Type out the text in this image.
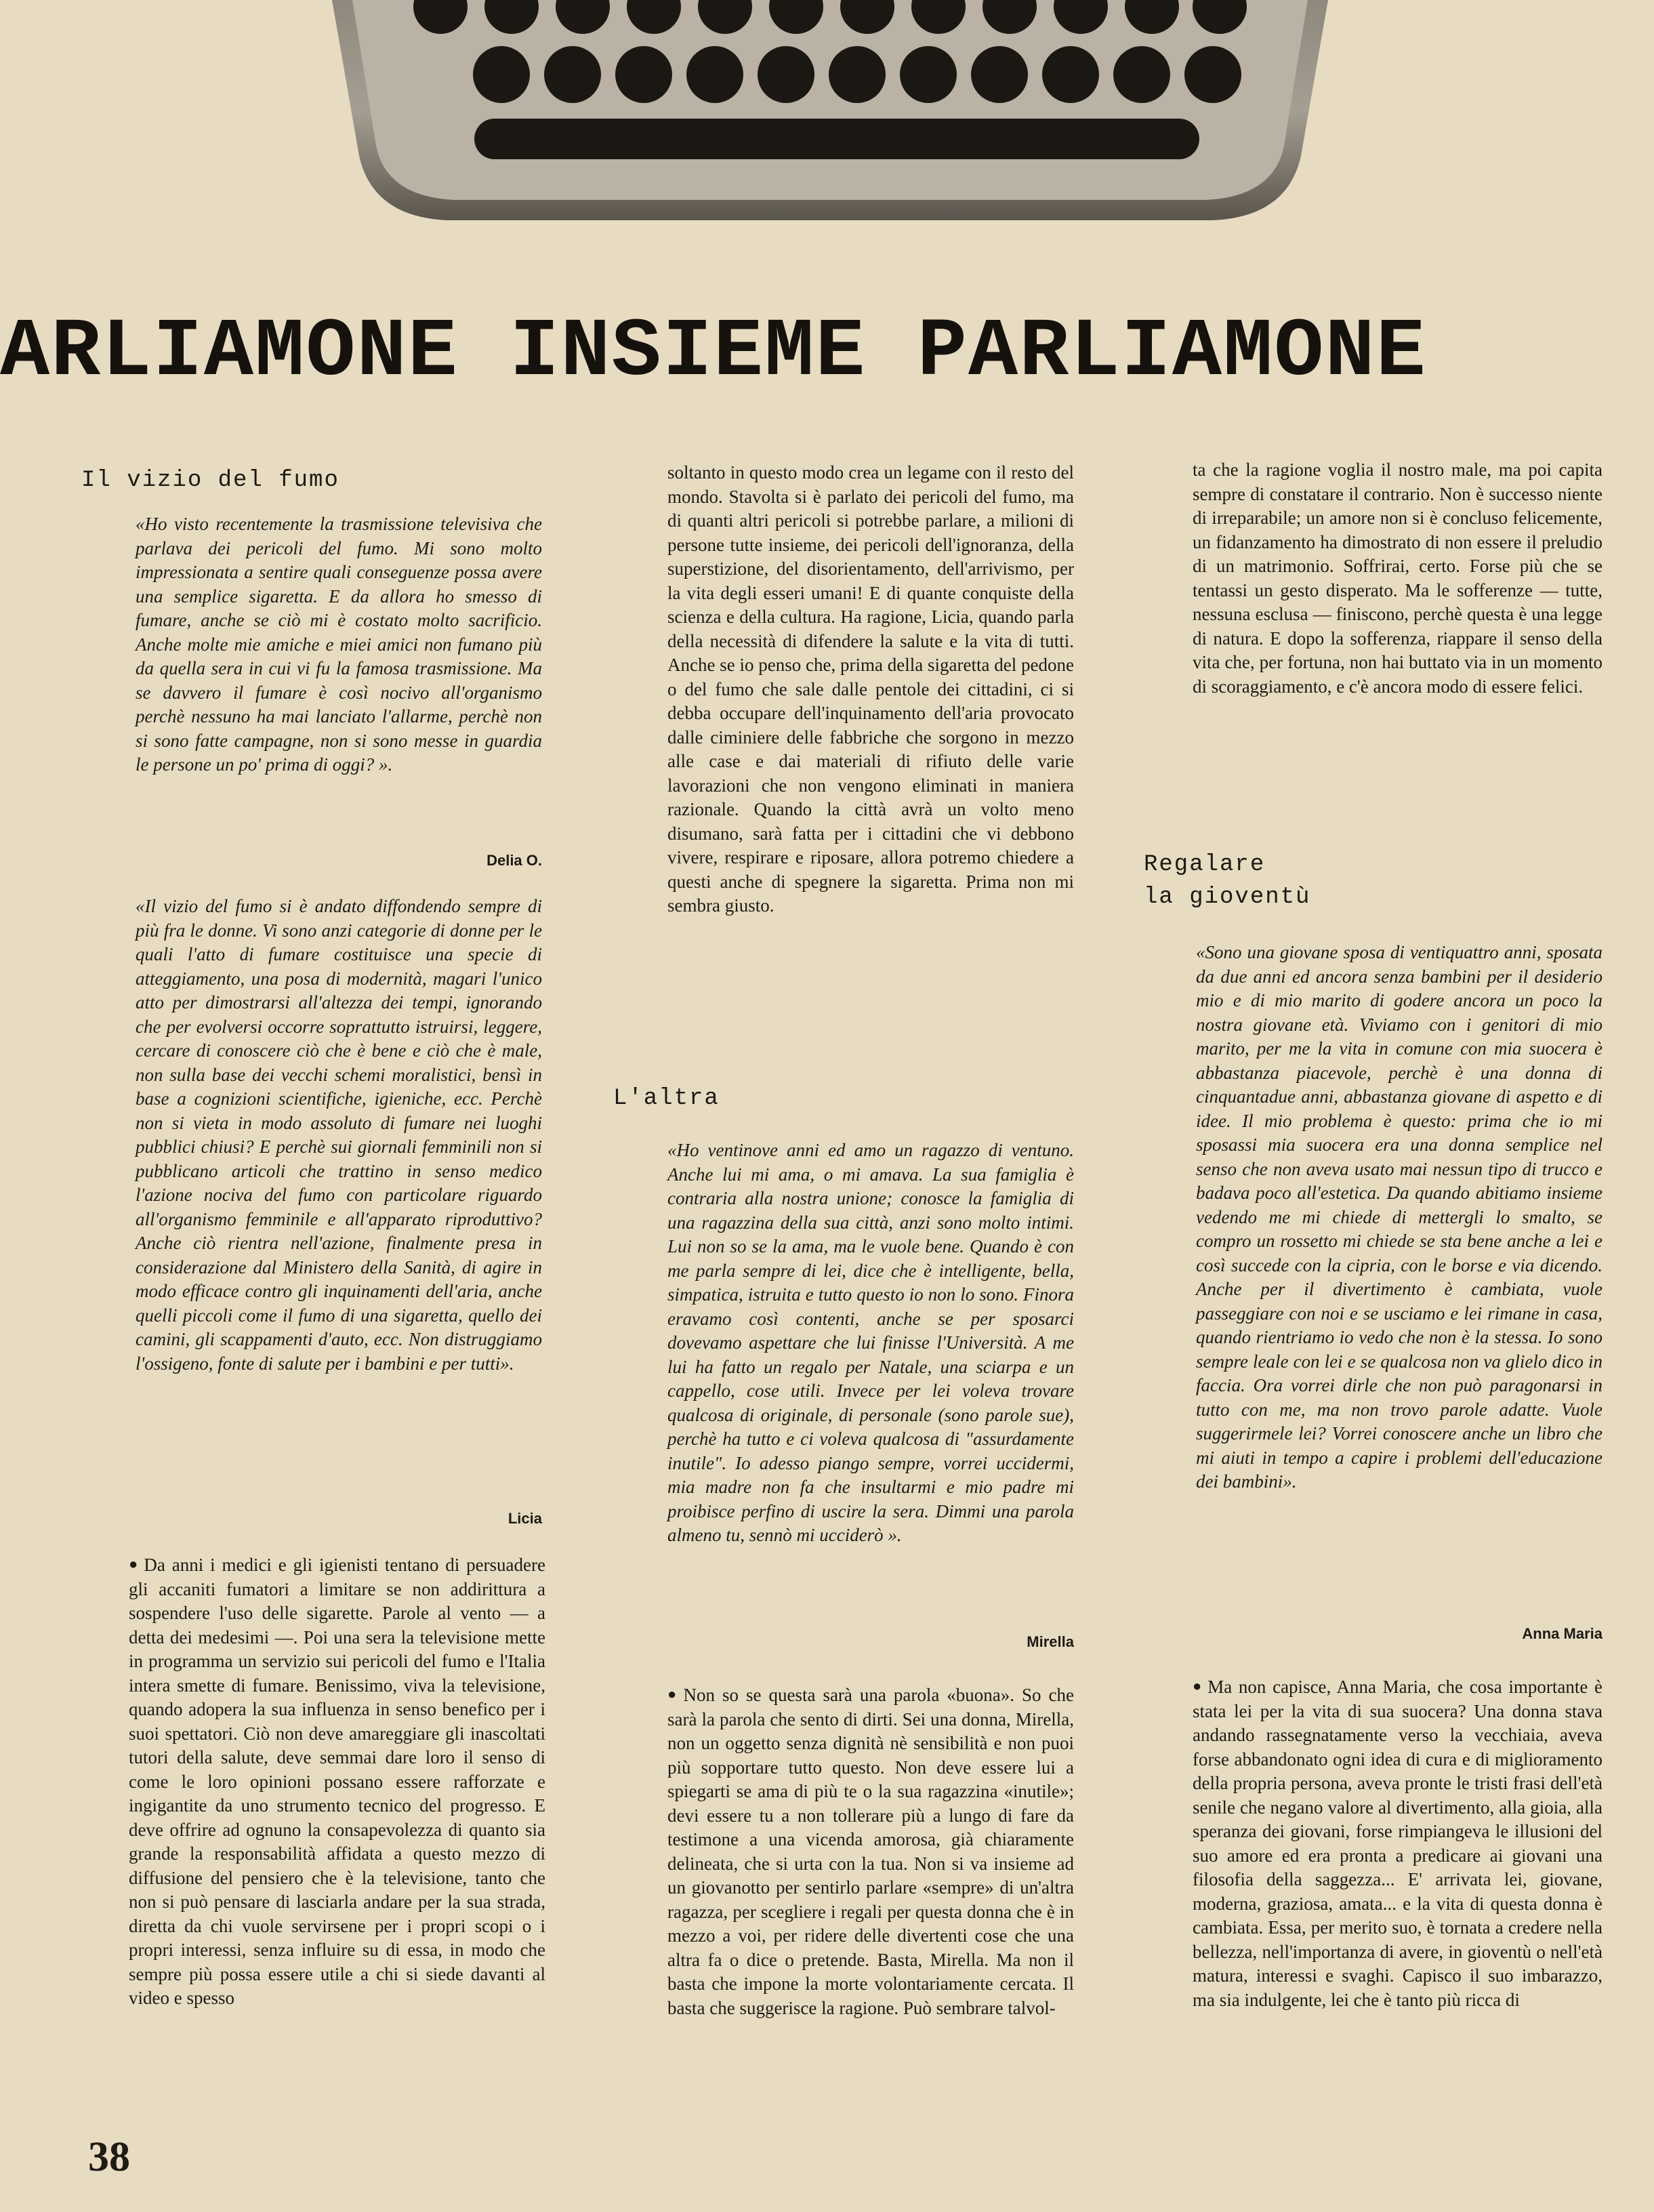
ARLIAMONE INSIEME PARLIAMONE
Il vizio del fumo

«Ho visto recentemente la trasmissione televisiva che parlava dei pericoli del fumo. Mi sono molto impressionata a sentire quali conseguenze possa avere una semplice sigaretta. E da allora ho smesso di fumare, anche se ciò mi è costato molto sacrificio. Anche molte mie amiche e miei amici non fumano più da quella sera in cui vi fu la famosa trasmissione. Ma se davvero il fumare è così nocivo all'organismo perchè nessuno ha mai lanciato l'allarme, perchè non si sono fatte campagne, non si sono messe in guardia le persone un po' prima di oggi? ».

Delia O.

«Il vizio del fumo si è andato diffondendo sempre di più fra le donne. Vi sono anzi categorie di donne per le quali l'atto di fumare costituisce una specie di atteggiamento, una posa di modernità, magari l'unico atto per dimostrarsi all'altezza dei tempi, ignorando che per evolversi occorre soprattutto istruirsi, leggere, cercare di conoscere ciò che è bene e ciò che è male, non sulla base dei vecchi schemi moralistici, bensì in base a cognizioni scientifiche, igieniche, ecc. Perchè non si vieta in modo assoluto di fumare nei luoghi pubblici chiusi? E perchè sui giornali femminili non si pubblicano articoli che trattino in senso medico l'azione nociva del fumo con particolare riguardo all'organismo femminile e all'apparato riproduttivo? Anche ciò rientra nell'azione, finalmente presa in considerazione dal Ministero della Sanità, di agire in modo efficace contro gli inquinamenti dell'aria, anche quelli piccoli come il fumo di una sigaretta, quello dei camini, gli scappamenti d'auto, ecc. Non distruggiamo l'ossigeno, fonte di salute per i bambini e per tutti».

Licia

● Da anni i medici e gli igienisti tentano di persuadere gli accaniti fumatori a limitare se non addirittura a sospendere l'uso delle sigarette. Parole al vento — a detta dei medesimi —. Poi una sera la televisione mette in programma un servizio sui pericoli del fumo e l'Italia intera smette di fumare. Benissimo, viva la televisione, quando adopera la sua influenza in senso benefico per i suoi spettatori. Ciò non deve amareggiare gli inascoltati tutori della salute, deve semmai dare loro il senso di come le loro opinioni possano essere rafforzate e ingigantite da uno strumento tecnico del progresso. E deve offrire ad ognuno la consapevolezza di quanto sia grande la responsabilità affidata a questo mezzo di diffusione del pensiero che è la televisione, tanto che non si può pensare di lasciarla andare per la sua strada, diretta da chi vuole servirsene per i propri scopi o i propri interessi, senza influire su di essa, in modo che sempre più possa essere utile a chi si siede davanti al video e spesso

soltanto in questo modo crea un legame con il resto del mondo. Stavolta si è parlato dei pericoli del fumo, ma di quanti altri pericoli si potrebbe parlare, a milioni di persone tutte insieme, dei pericoli dell'ignoranza, della superstizione, del disorientamento, dell'arrivismo, per la vita degli esseri umani! E di quante conquiste della scienza e della cultura. Ha ragione, Licia, quando parla della necessità di difendere la salute e la vita di tutti. Anche se io penso che, prima della sigaretta del pedone o del fumo che sale dalle pentole dei cittadini, ci si debba occupare dell'inquinamento dell'aria provocato dalle ciminiere delle fabbriche che sorgono in mezzo alle case e dai materiali di rifiuto delle varie lavorazioni che non vengono eliminati in maniera razionale. Quando la città avrà un volto meno disumano, sarà fatta per i cittadini che vi debbono vivere, respirare e riposare, allora potremo chiedere a questi anche di spegnere la sigaretta. Prima non mi sembra giusto.

L'altra

«Ho ventinove anni ed amo un ragazzo di ventuno. Anche lui mi ama, o mi amava. La sua famiglia è contraria alla nostra unione; conosce la famiglia di una ragazzina della sua città, anzi sono molto intimi. Lui non so se la ama, ma le vuole bene. Quando è con me parla sempre di lei, dice che è intelligente, bella, simpatica, istruita e tutto questo io non lo sono. Finora eravamo così contenti, anche se per sposarci dovevamo aspettare che lui finisse l'Università. A me lui ha fatto un regalo per Natale, una sciarpa e un cappello, cose utili. Invece per lei voleva trovare qualcosa di originale, di personale (sono parole sue), perchè ha tutto e ci voleva qualcosa di "assurdamente inutile". Io adesso piango sempre, vorrei uccidermi, mia madre non fa che insultarmi e mio padre mi proibisce perfino di uscire la sera. Dimmi una parola almeno tu, sennò mi ucciderò ».

Mirella

● Non so se questa sarà una parola «buona». So che sarà la parola che sento di dirti. Sei una donna, Mirella, non un oggetto senza dignità nè sensibilità e non puoi più sopportare tutto questo. Non deve essere lui a spiegarti se ama di più te o la sua ragazzina «inutile»; devi essere tu a non tollerare più a lungo di fare da testimone a una vicenda amorosa, già chiaramente delineata, che si urta con la tua. Non si va insieme ad un giovanotto per sentirlo parlare «sempre» di un'altra ragazza, per scegliere i regali per questa donna che è in mezzo a voi, per ridere delle divertenti cose che una altra fa o dice o pretende. Basta, Mirella. Ma non il basta che impone la morte volontariamente cercata. Il basta che suggerisce la ragione. Può sembrare talvol-

ta che la ragione voglia il nostro male, ma poi capita sempre di constatare il contrario. Non è successo niente di irreparabile; un amore non si è concluso felicemente, un fidanzamento ha dimostrato di non essere il preludio di un matrimonio. Soffrirai, certo. Forse più che se tentassi un gesto disperato. Ma le sofferenze — tutte, nessuna esclusa — finiscono, perchè questa è una legge di natura. E dopo la sofferenza, riappare il senso della vita che, per fortuna, non hai buttato via in un momento di scoraggiamento, e c'è ancora modo di essere felici.

Regalare
la gioventù

«Sono una giovane sposa di ventiquattro anni, sposata da due anni ed ancora senza bambini per il desiderio mio e di mio marito di godere ancora un poco la nostra giovane età. Viviamo con i genitori di mio marito, per me la vita in comune con mia suocera è abbastanza piacevole, perchè è una donna di cinquantadue anni, abbastanza giovane di aspetto e di idee. Il mio problema è questo: prima che io mi sposassi mia suocera era una donna semplice nel senso che non aveva usato mai nessun tipo di trucco e badava poco all'estetica. Da quando abitiamo insieme vedendo me mi chiede di mettergli lo smalto, se compro un rossetto mi chiede se sta bene anche a lei e così succede con la cipria, con le borse e via dicendo. Anche per il divertimento è cambiata, vuole passeggiare con noi e se usciamo e lei rimane in casa, quando rientriamo io vedo che non è la stessa. Io sono sempre leale con lei e se qualcosa non va glielo dico in faccia. Ora vorrei dirle che non può paragonarsi in tutto con me, ma non trovo parole adatte. Vuole suggerirmele lei? Vorrei conoscere anche un libro che mi aiuti in tempo a capire i problemi dell'educazione dei bambini».

Anna Maria

● Ma non capisce, Anna Maria, che cosa importante è stata lei per la vita di sua suocera? Una donna stava andando rassegnatamente verso la vecchiaia, aveva forse abbandonato ogni idea di cura e di miglioramento della propria persona, aveva pronte le tristi frasi dell'età senile che negano valore al divertimento, alla gioia, alla speranza dei giovani, forse rimpiangeva le illusioni del suo amore ed era pronta a predicare ai giovani una filosofia della saggezza... E' arrivata lei, giovane, moderna, graziosa, amata... e la vita di questa donna è cambiata. Essa, per merito suo, è tornata a credere nella bellezza, nell'importanza di avere, in gioventù o nell'età matura, interessi e svaghi. Capisco il suo imbarazzo, ma sia indulgente, lei che è tanto più ricca di

38
